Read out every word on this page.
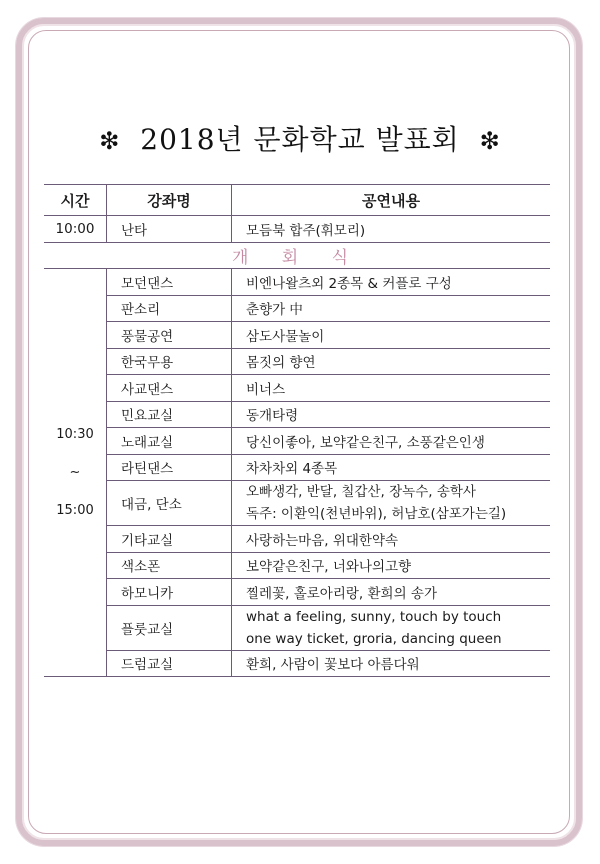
❇ 2018년 문화학교 발표회 ❇
시간	강좌명	공연내용
10:00	난타	모듬북 합주(휘모리)
개 회 식		

10:30
~
15:00	모던댄스	비엔나왈츠외 2종목 & 커플로 구성

	판소리	춘향가 中

	풍물공연	삼도사물놀이

	한국무용	몸짓의 향연

	사교댄스	비너스

	민요교실	동개타령

	노래교실	당신이좋아, 보약같은친구, 소풍같은인생

	라틴댄스	차차차외 4종목

	대금, 단소	오빠생각, 반달, 칠갑산, 장녹수, 송학사
독주: 이환익(천년바위), 허남호(삼포가는길)

	기타교실	사랑하는마음, 위대한약속

	색소폰	보약같은친구, 너와나의고향

	하모니카	찔레꽃, 홀로아리랑, 환희의 송가

	플룻교실	what a feeling, sunny, touch by touch
one way ticket, groria, dancing queen

	드럼교실	환희, 사람이 꽃보다 아름다워
